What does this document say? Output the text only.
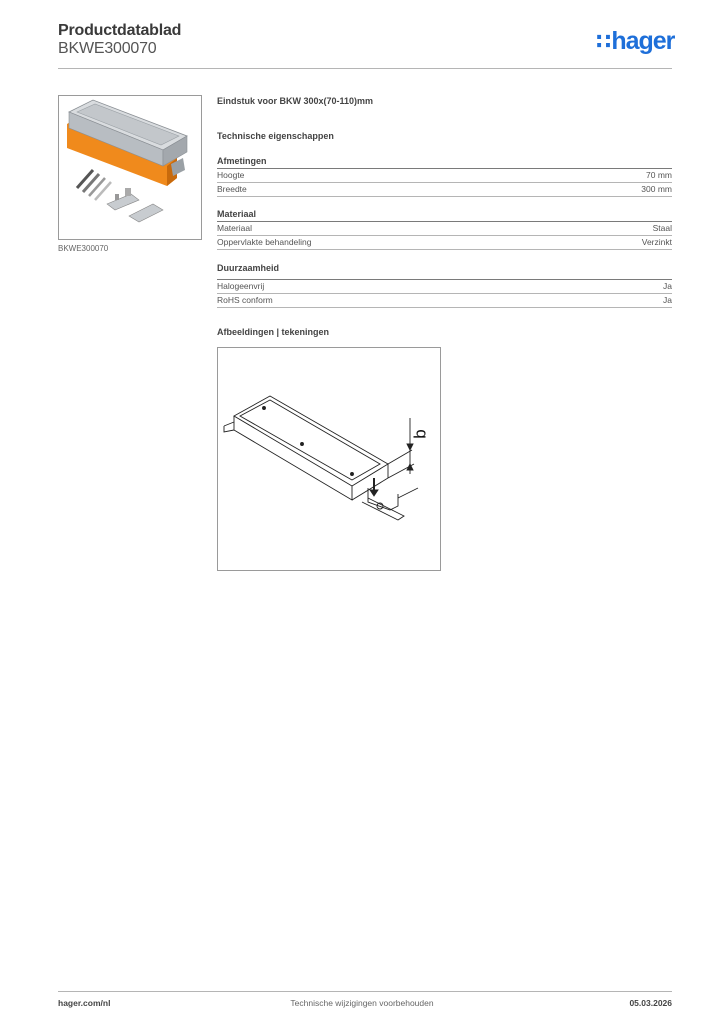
Productdatablad
BKWE300070	∷hager
BKWE300070
Eindstuk voor BKW 300x(70-110)mm
Technische eigenschappen
Afmetingen
Hoogte	70 mm
Breedte	300 mm
Materiaal
Materiaal	Staal
Oppervlakte behandeling	Verzinkt
Duurzaamheid
Halogeenvrij	Ja
RoHS conform	Ja
Afbeeldingen | tekeningen
b
hager.com/nl	Technische wijzigingen voorbehouden	05.03.2026
